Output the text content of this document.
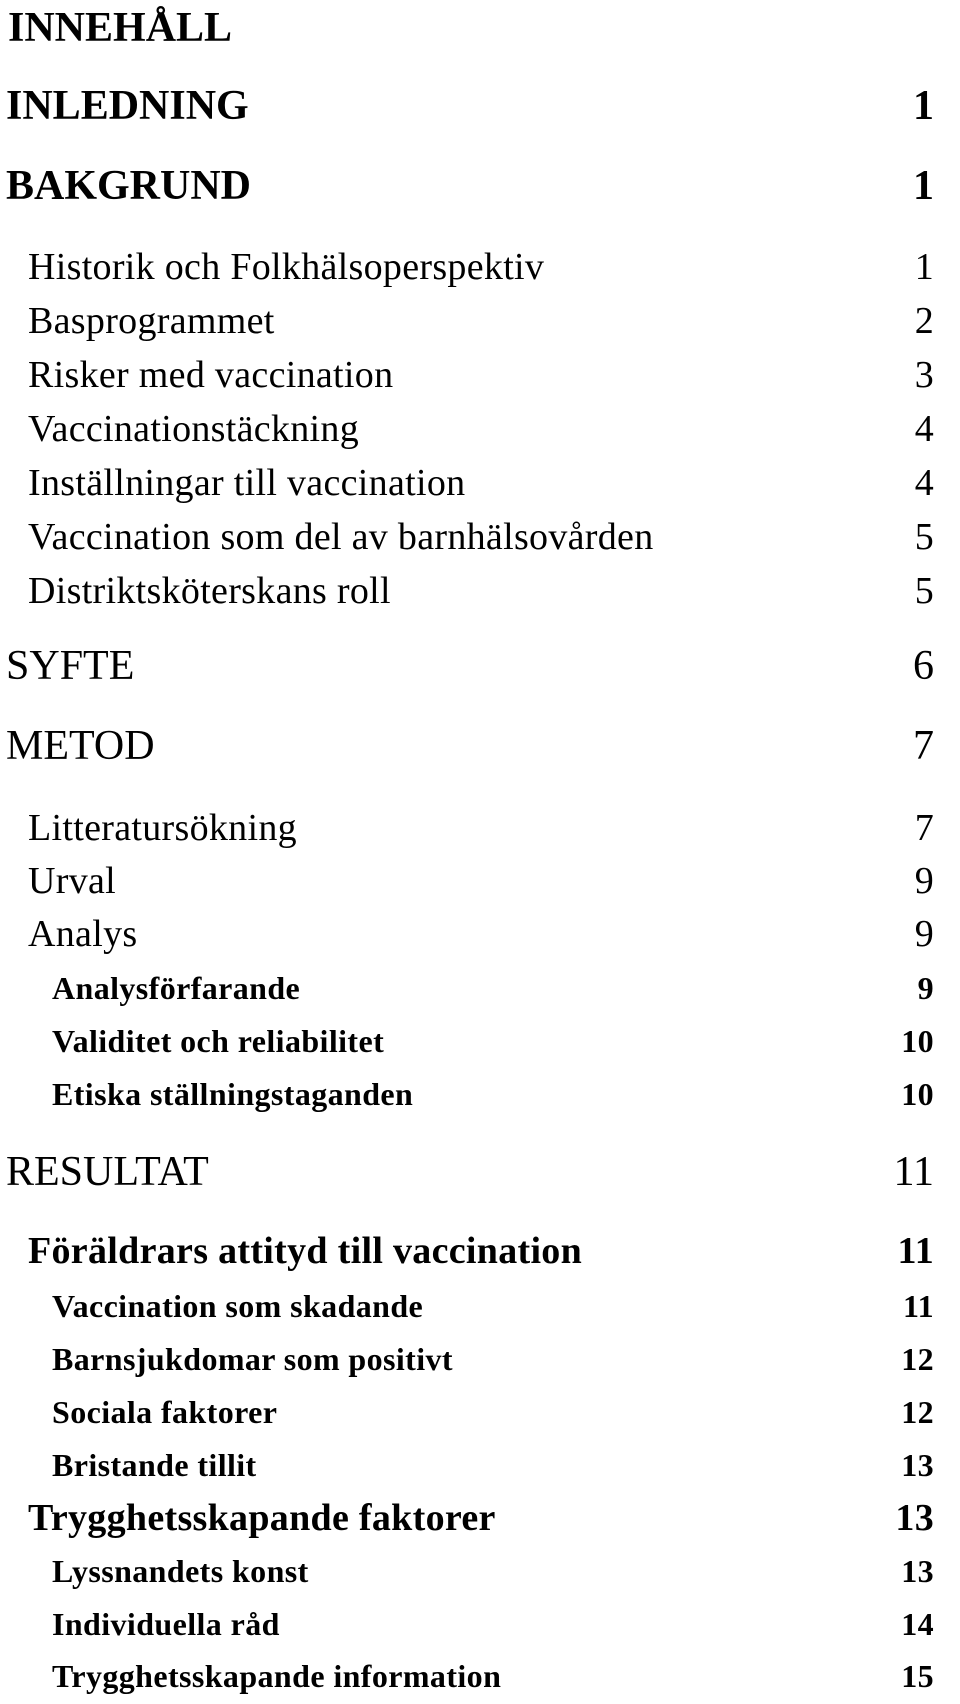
INNEHÅLL
INLEDNING	1
BAKGRUND	1
Historik och Folkhälsoperspektiv	1
Basprogrammet	2
Risker med vaccination	3
Vaccinationstäckning	4
Inställningar till vaccination	4
Vaccination som del av barnhälsovården	5
Distriktsköterskans roll	5
SYFTE	6
METOD	7
Litteratursökning	7
Urval	9
Analys	9
Analysförfarande	9
Validitet och reliabilitet	10
Etiska ställningstaganden	10
RESULTAT	11
Föräldrars attityd till vaccination	11
Vaccination som skadande	11
Barnsjukdomar som positivt	12
Sociala faktorer	12
Bristande tillit	13
Trygghetsskapande faktorer	13
Lyssnandets konst	13
Individuella råd	14
Trygghetsskapande information	15
